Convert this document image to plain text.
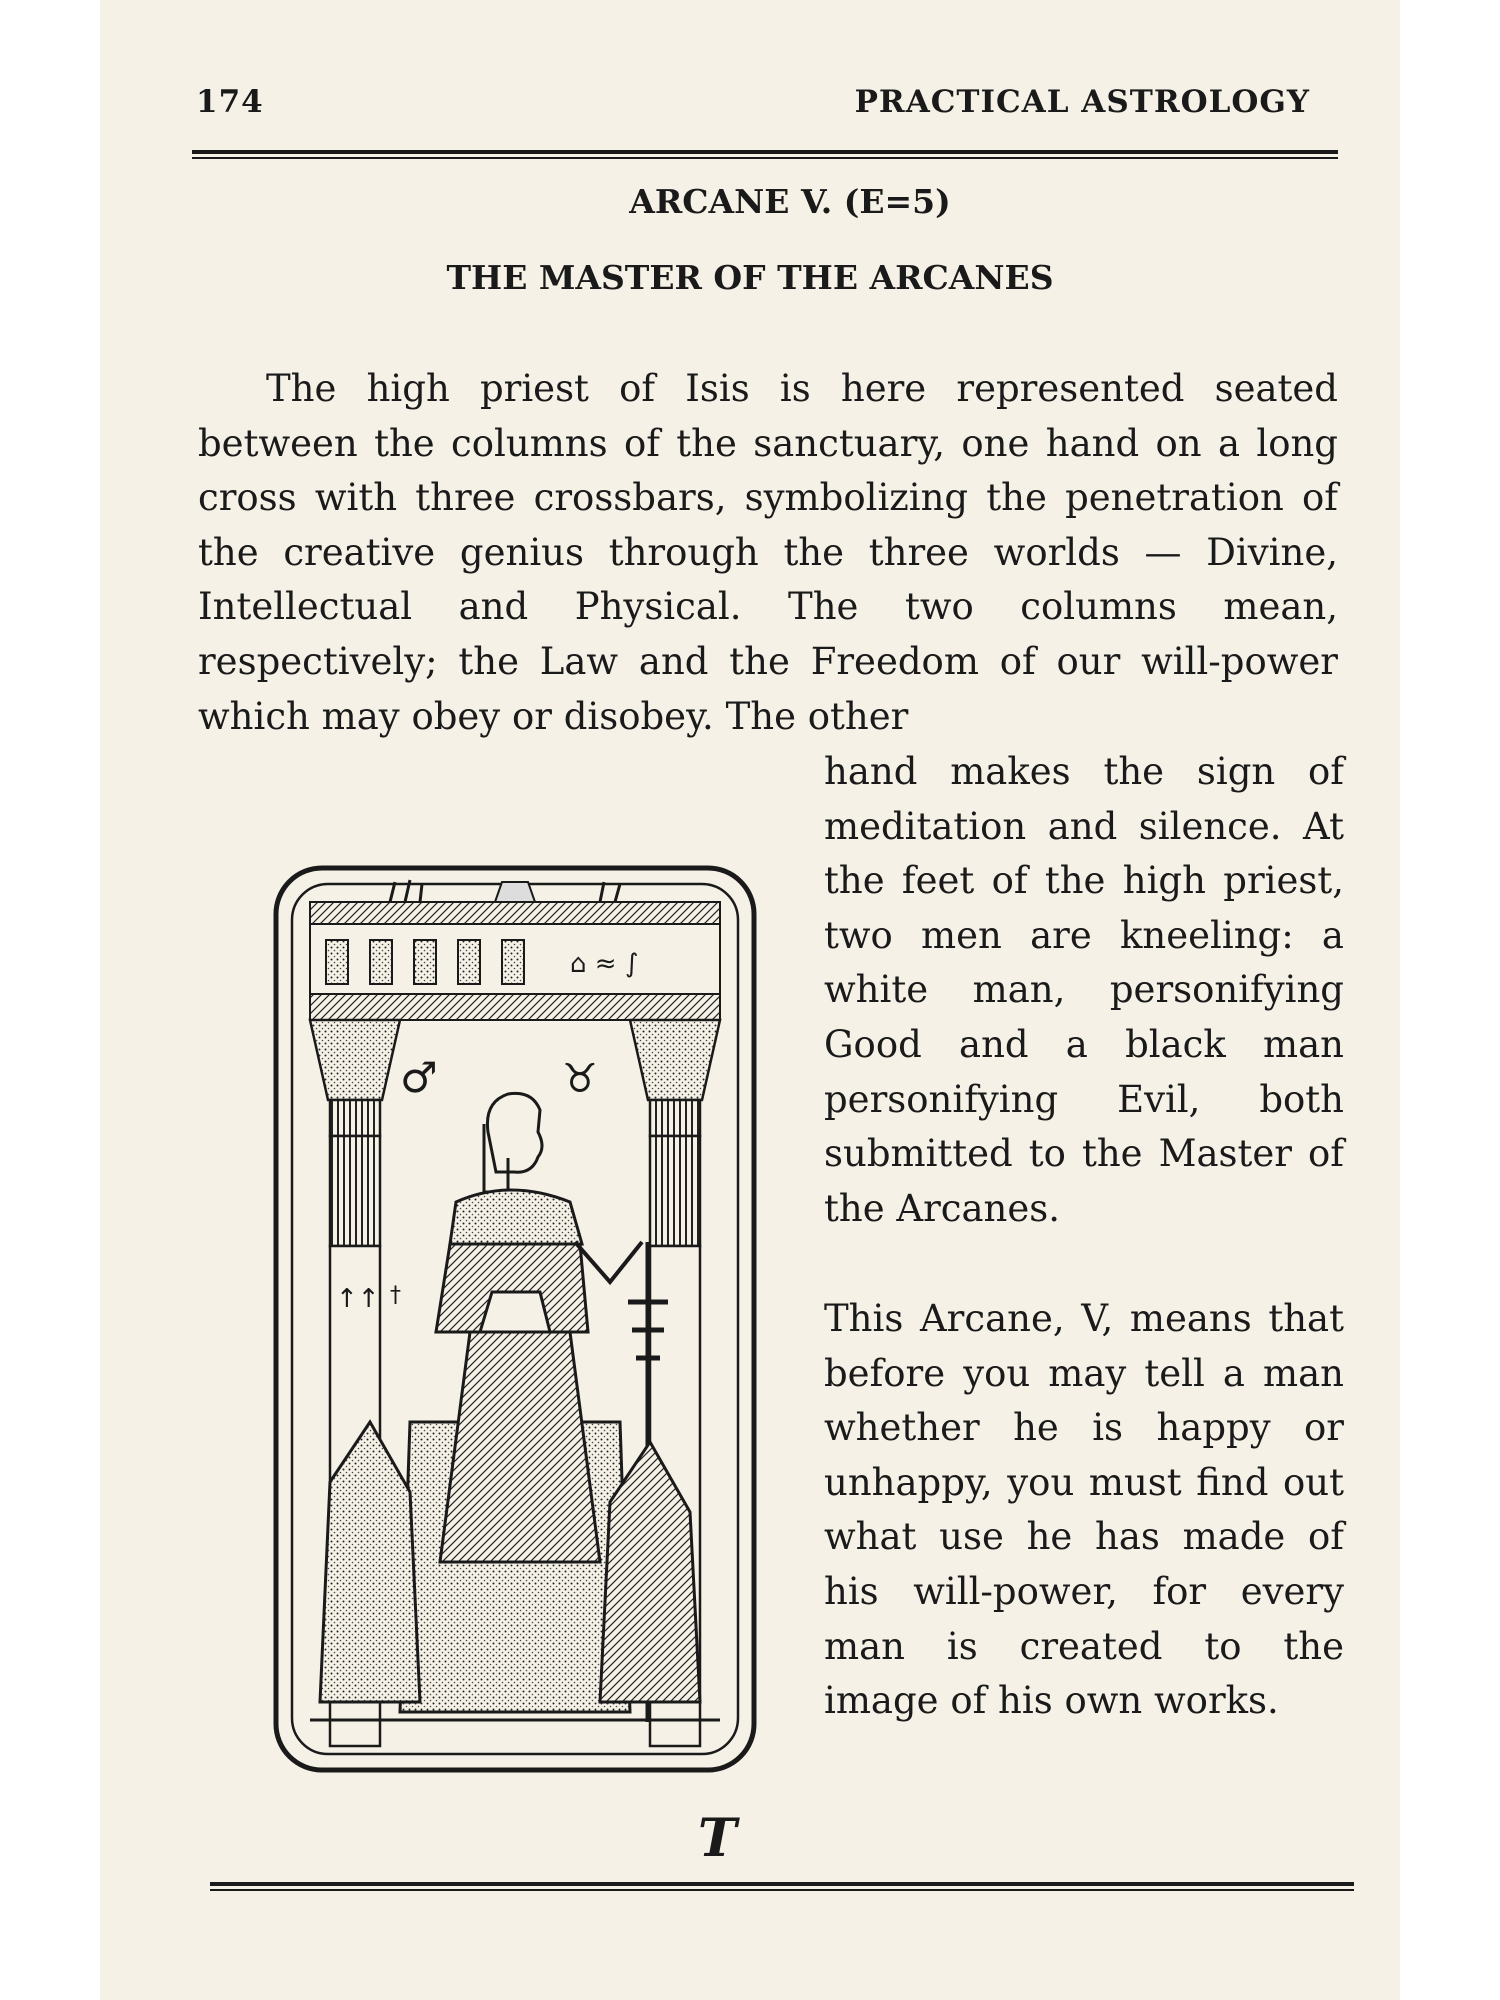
174	PRACTICAL ASTROLOGY
ARCANE V. (E=5)
THE MASTER OF THE ARCANES

The high priest of Isis is here represented seated between the columns of the sanctuary, one hand on a long cross with three crossbars, symbolizing the penetration of the creative genius through the three worlds — Divine, Intellectual and Physical. The two columns mean, respectively; the Law and the Freedom of our will-power which may obey or disobey. The other

hand makes the sign of meditation and silence. At the feet of the high priest, two men are kneeling: a white man, personifying Good and a black man personifying Evil, both submitted to the Master of the Arcanes.

This Arcane, V, means that before you may tell a man whether he is happy or unhappy, you must find out what use he has made of his will-power, for every man is created to the image of his own works.

⌂ ≈ ∫
↑↑ †
♂	♉
T
